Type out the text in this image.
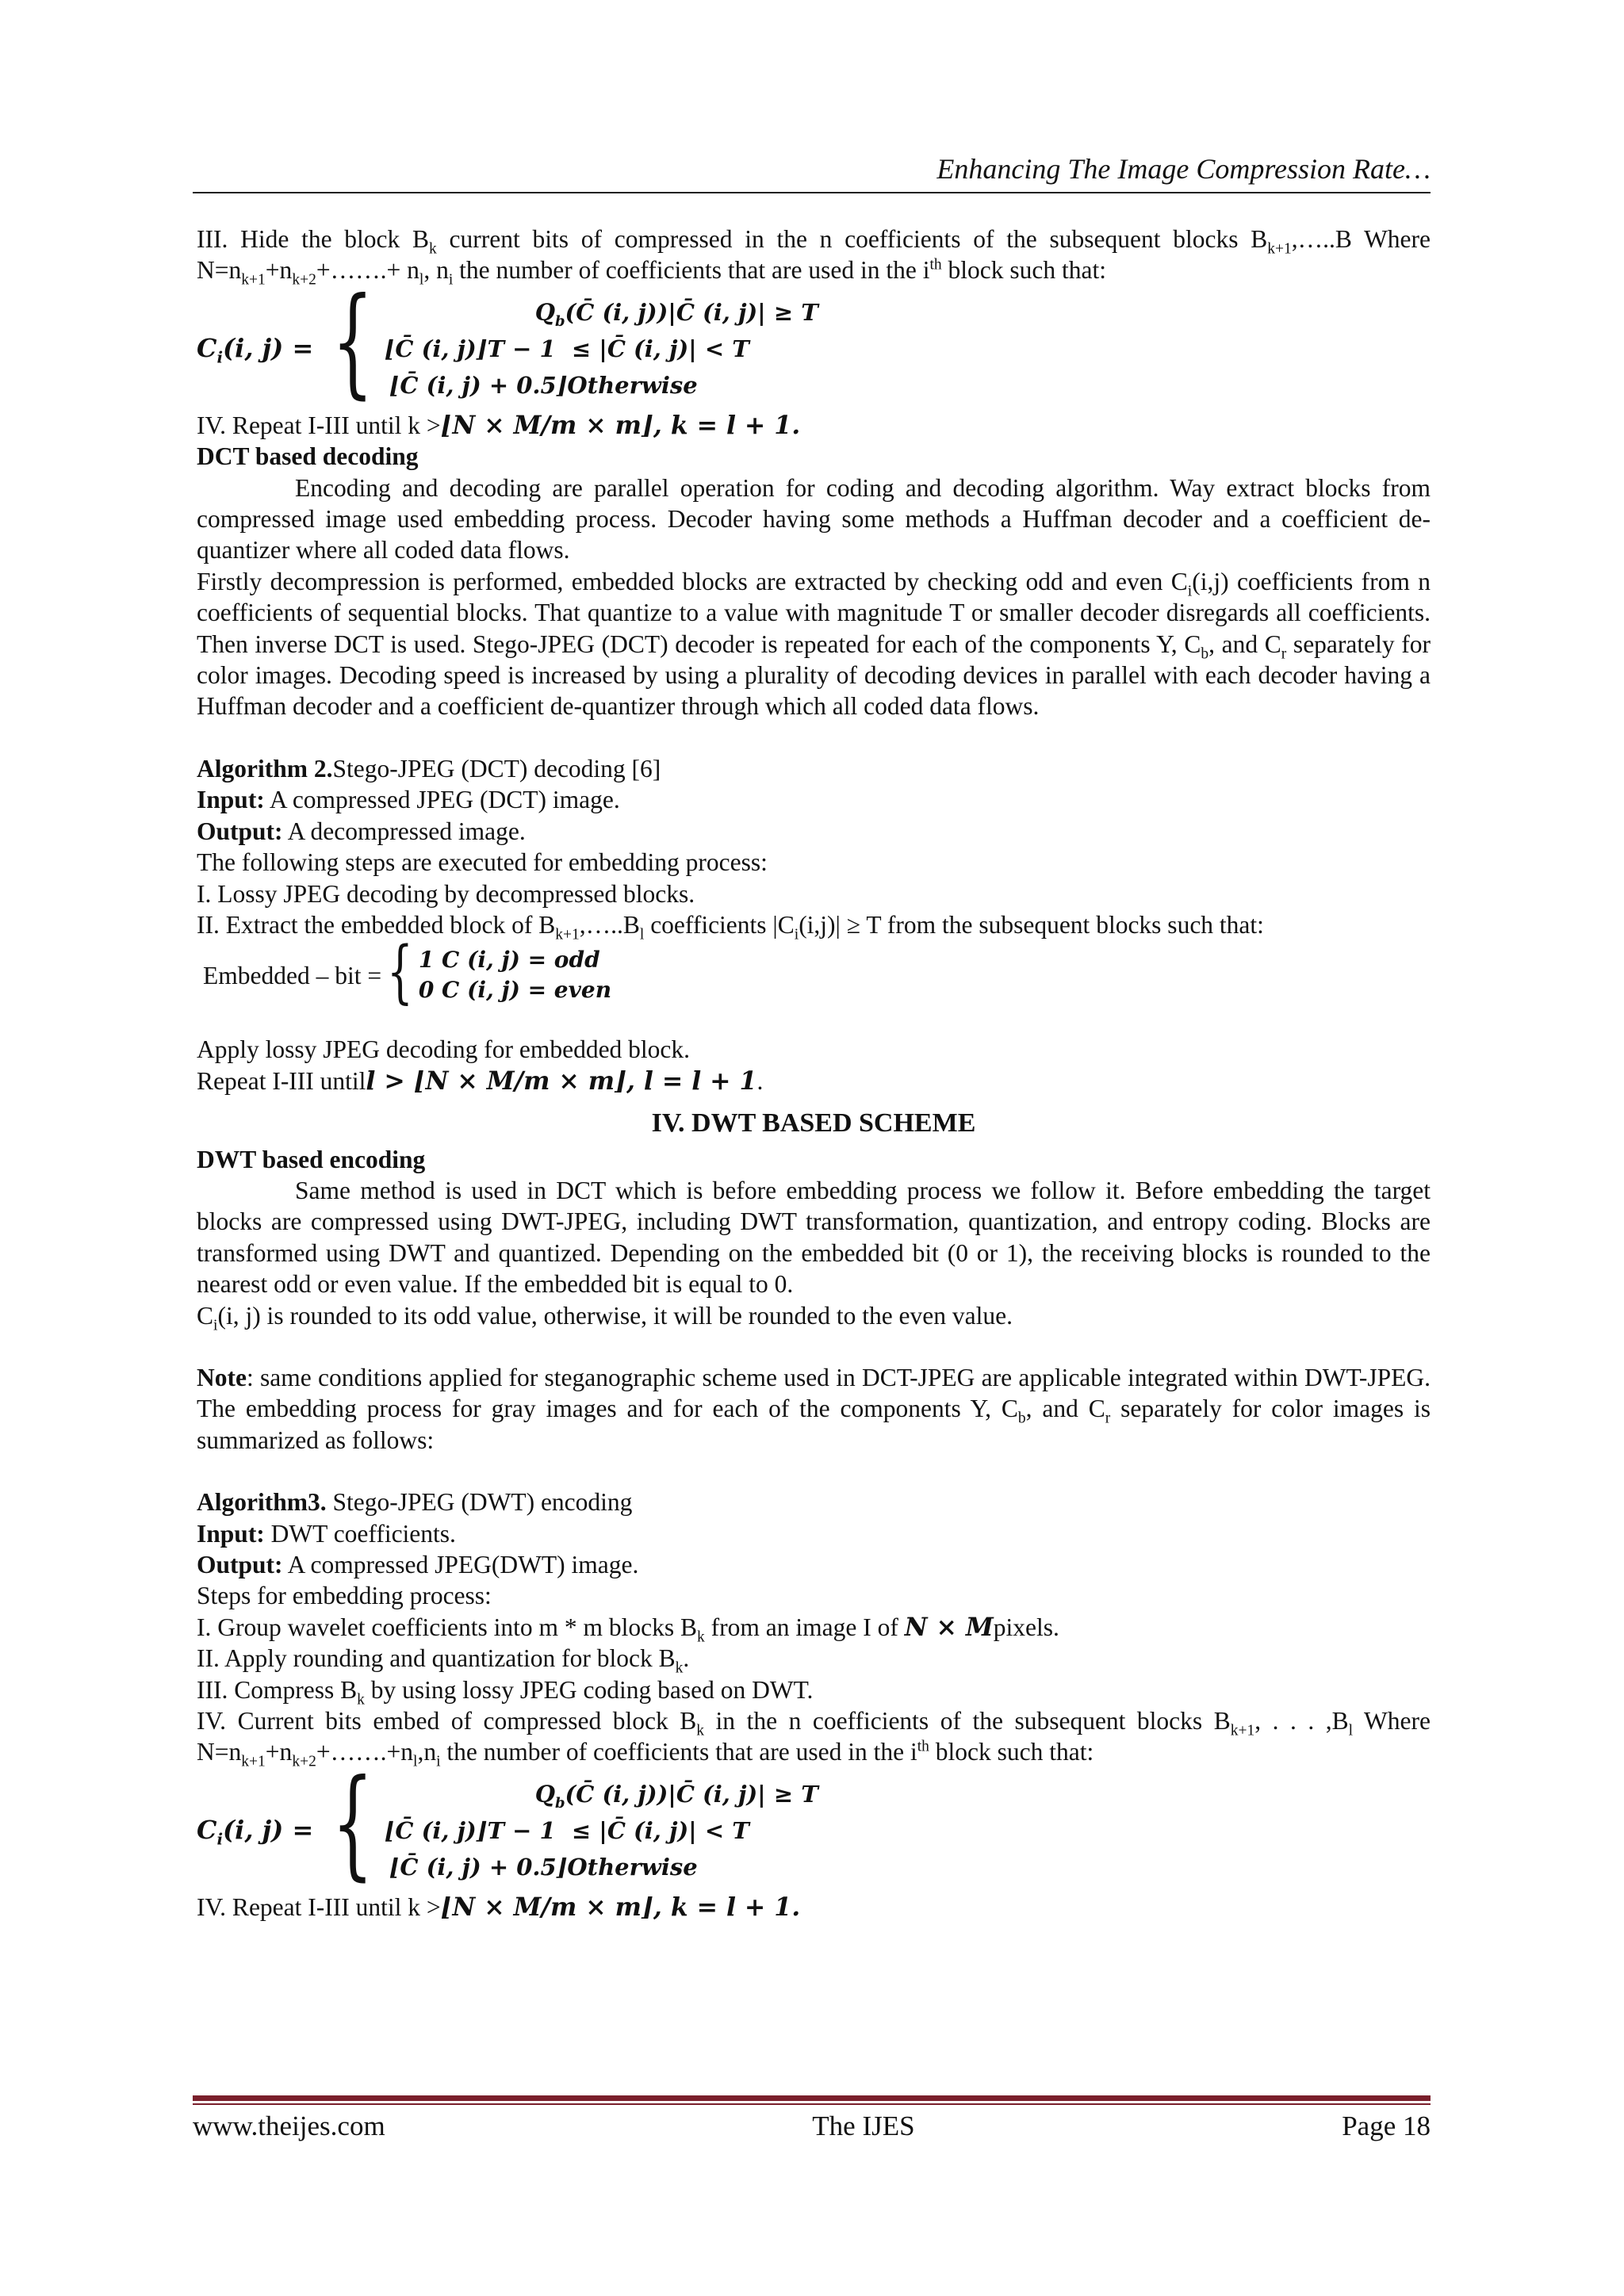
Enhancing The Image Compression Rate…

III. Hide the block $B_k$ current bits of compressed in the n coefficients of the subsequent blocks $B_{k+1},\dots..B$ Where $N=n_{k+1}+n_{k+2}+\dots\dots.+ n_l$, $n_i$ the number of coefficients that are used in the $i^{th}$ block such that:

$C_i(i$, j) = {	$Q_b(C̄$ (i, j))|C̄ (i, j)| ≥ T
⌊C̄ (i, j)⌋T − 1  ≤ |C̄ (i, j)| < T
⌊C̄ (i, j) + 0.5⌋Otherwise

IV. Repeat I-III until k >⌊N × M/m × m⌋, k = l + 1.

DCT based decoding

Encoding and decoding are parallel operation for coding and decoding algorithm. Way extract blocks from compressed image used embedding process. Decoder having some methods a Huffman decoder and a coefficient de-quantizer where all coded data flows.

Firstly decompression is performed, embedded blocks are extracted by checking odd and even $C_i(i,j)$ coefficients from n coefficients of sequential blocks. That quantize to a value with magnitude T or smaller decoder disregards all coefficients. Then inverse DCT is used. Stego-JPEG (DCT) decoder is repeated for each of the components Y, $C_b$, and $C_r$ separately for color images. Decoding speed is increased by using a plurality of decoding devices in parallel with each decoder having a Huffman decoder and a coefficient de-quantizer through which all coded data flows.

Algorithm 2.Stego-JPEG (DCT) decoding [6]

Input: A compressed JPEG (DCT) image.

Output: A decompressed image.

The following steps are executed for embedding process:

I. Lossy JPEG decoding by decompressed blocks.

II. Extract the embedded block of $B_{k+1},\dots..B_l$ coefficients $|C_i(i,j)| \ge T$ from the subsequent blocks such that:

Embedded – bit = { 1 C (i, j) = odd
0 C (i, j) = even

Apply lossy JPEG decoding for embedded block.

Repeat I-III untill > ⌊N × M/m × m⌋, l = l + 1.

IV. DWT BASED SCHEME

DWT based encoding

Same method is used in DCT which is before embedding process we follow it. Before embedding the target blocks are compressed using DWT-JPEG, including DWT transformation, quantization, and entropy coding. Blocks are transformed using DWT and quantized. Depending on the embedded bit (0 or 1), the receiving blocks is rounded to the nearest odd or even value. If the embedded bit is equal to 0.

$C_i(i$, j) is rounded to its odd value, otherwise, it will be rounded to the even value.

Note: same conditions applied for steganographic scheme used in DCT-JPEG are applicable integrated within DWT-JPEG. The embedding process for gray images and for each of the components Y, $C_b$, and $C_r$ separately for color images is summarized as follows:

Algorithm3. Stego-JPEG (DWT) encoding

Input: DWT coefficients.

Output: A compressed JPEG(DWT) image.

Steps for embedding process:

I. Group wavelet coefficients into m * m blocks $B_k$ from an image I of N × Mpixels.

II. Apply rounding and quantization for block $B_k$.

III. Compress $B_k$ by using lossy JPEG coding based on DWT.

IV. Current bits embed of compressed block $B_k$ in the n coefficients of the subsequent blocks $B_{k+1}$, . . . $,B_l$ Where $N=n_{k+1}+n_{k+2}+\dots\dots.+n_l,n_i$ the number of coefficients that are used in the $i^{th}$ block such that:

$C_i(i$, j) = {	$Q_b(C̄$ (i, j))|C̄ (i, j)| ≥ T
⌊C̄ (i, j)⌋T − 1  ≤ |C̄ (i, j)| < T
⌊C̄ (i, j) + 0.5⌋Otherwise

IV. Repeat I-III until k >⌊N × M/m × m⌋, k = l + 1.

www.theijes.com	The IJES	Page 18
